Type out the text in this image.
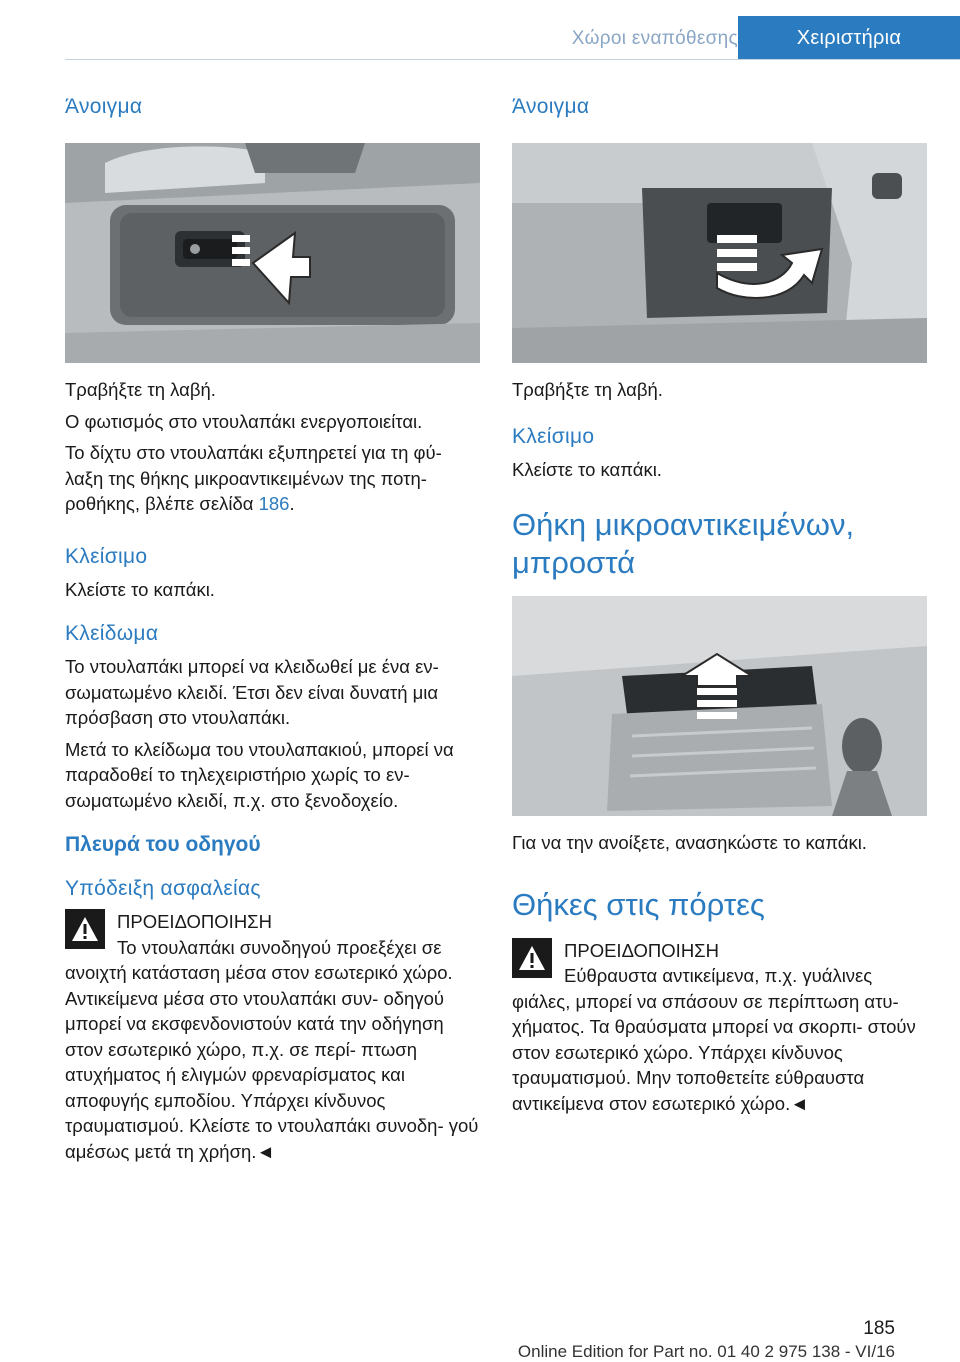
Χώροι εναπόθεσης	Χειριστήρια
Άνοιγμα

Τραβήξτε τη λαβή.

Ο φωτισμός στο ντουλαπάκι ενεργοποιείται.

Το δίχτυ στο ντουλαπάκι εξυπηρετεί για τη φύ- λαξη της θήκης μικροαντικειμένων της ποτη- ροθήκης, βλέπε σελίδα 186.

Κλείσιμο

Κλείστε το καπάκι.

Κλείδωμα

Το ντουλαπάκι μπορεί να κλειδωθεί με ένα εν- σωματωμένο κλειδί. Έτσι δεν είναι δυνατή μια πρόσβαση στο ντουλαπάκι.

Μετά το κλείδωμα του ντουλαπακιού, μπορεί να παραδοθεί το τηλεχειριστήριο χωρίς το εν- σωματωμένο κλειδί, π.χ. στο ξενοδοχείο.

Πλευρά του οδηγού
Υπόδειξη ασφαλείας
ΠΡΟΕΙΔΟΠΟΙΗΣΗ
Το ντουλαπάκι συνοδηγού προεξέχει σε

ανοιχτή κατάσταση μέσα στον εσωτερικό χώρο. Αντικείμενα μέσα στο ντουλαπάκι συν- οδηγού μπορεί να εκσφενδονιστούν κατά την οδήγηση στον εσωτερικό χώρο, π.χ. σε περί- πτωση ατυχήματος ή ελιγμών φρεναρίσματος και αποφυγής εμποδίου. Υπάρχει κίνδυνος τραυματισμού. Κλείστε το ντουλαπάκι συνοδη- γού αμέσως μετά τη χρήση.◄

Άνοιγμα

Τραβήξτε τη λαβή.

Κλείσιμο

Κλείστε το καπάκι.

Θήκη μικροαντικειμένων, μπροστά

Για να την ανοίξετε, ανασηκώστε το καπάκι.

Θήκες στις πόρτες
ΠΡΟΕΙΔΟΠΟΙΗΣΗ
Εύθραυστα αντικείμενα, π.χ. γυάλινες

φιάλες, μπορεί να σπάσουν σε περίπτωση ατυ- χήματος. Τα θραύσματα μπορεί να σκορπι- στούν στον εσωτερικό χώρο. Υπάρχει κίνδυνος τραυματισμού. Μην τοποθετείτε εύθραυστα αντικείμενα στον εσωτερικό χώρο.◄

185
Online Edition for Part no. 01 40 2 975 138 - VI/16
